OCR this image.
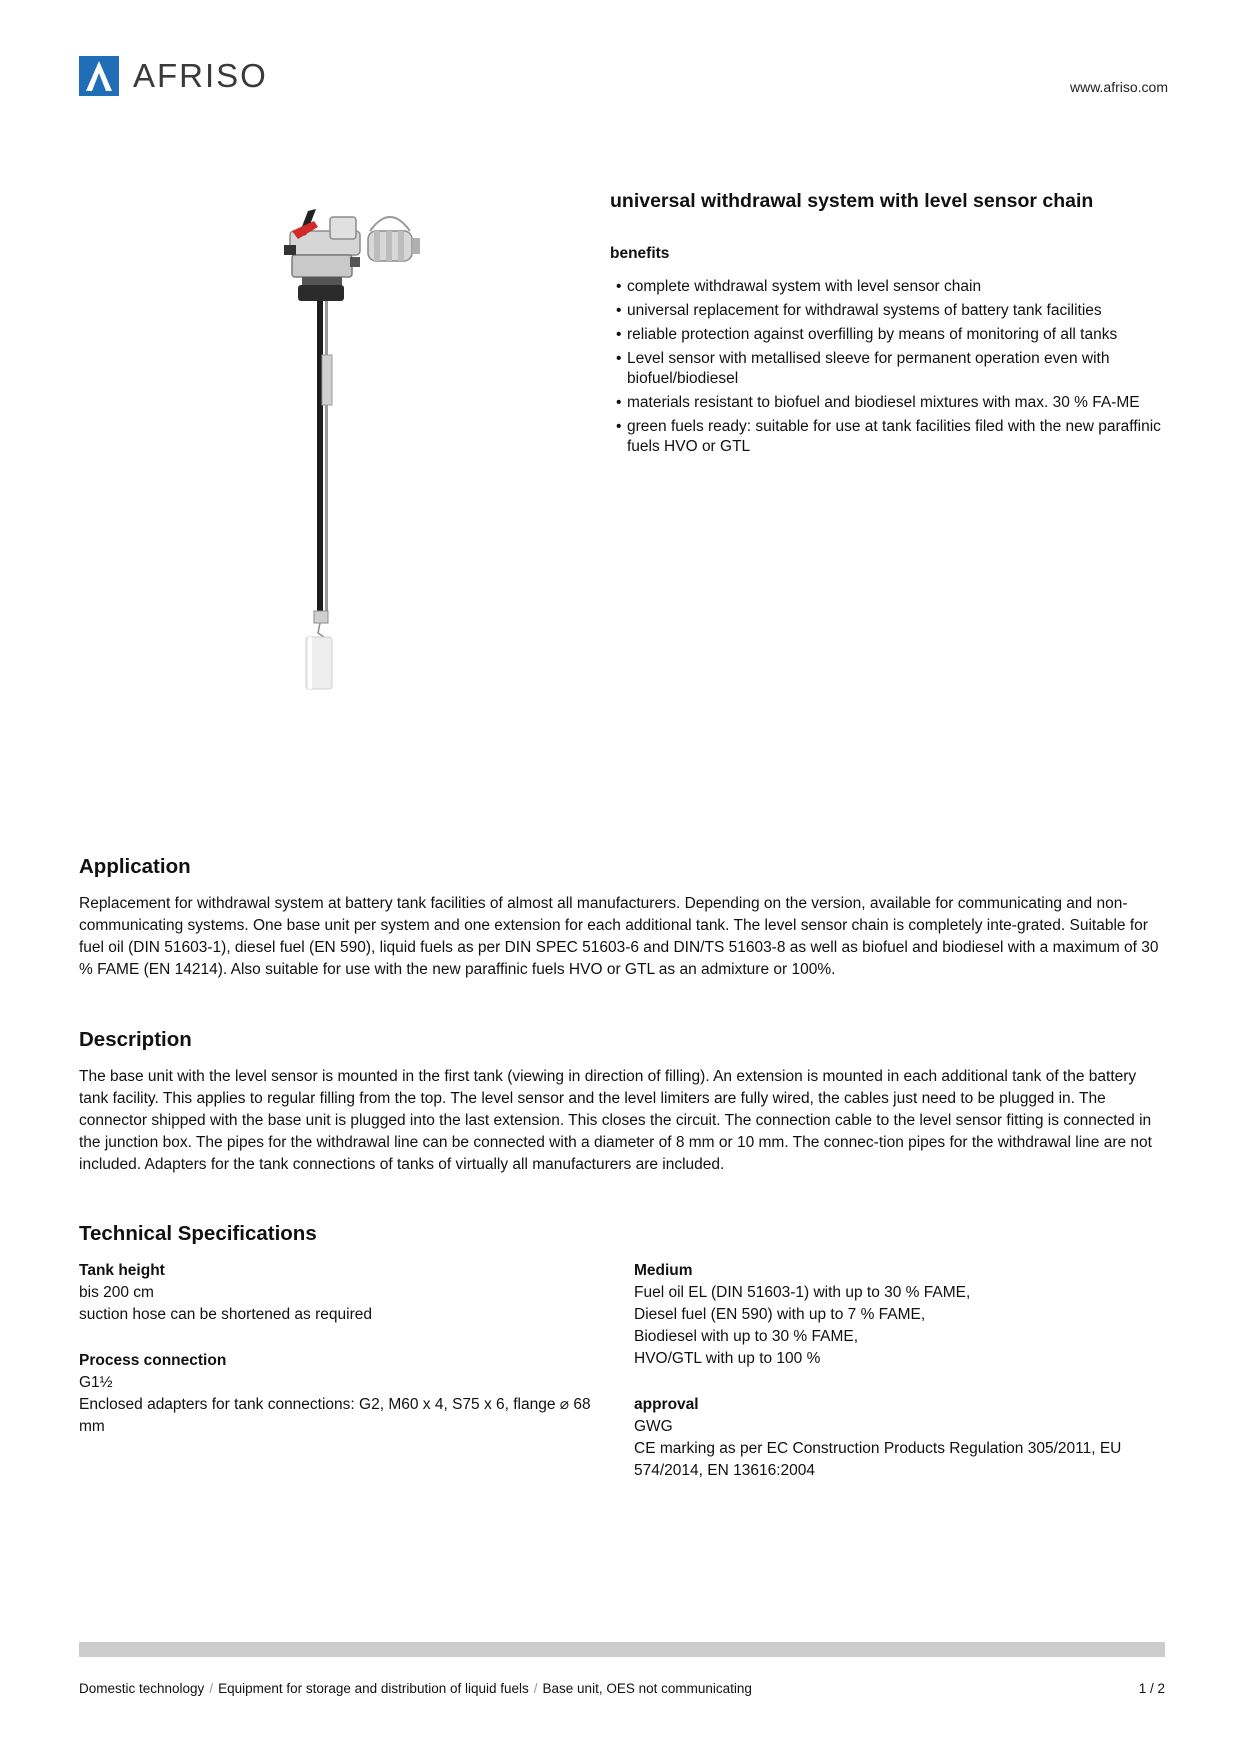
AFRISO	www.afriso.com
universal withdrawal system with level sensor chain
benefits
• complete withdrawal system with level sensor chain
• universal replacement for withdrawal systems of battery tank facilities
• reliable protection against overfilling by means of monitoring of all tanks
• Level sensor with metallised sleeve for permanent operation even with biofuel/biodiesel
• materials resistant to biofuel and biodiesel mixtures with max. 30 % FA-ME
• green fuels ready: suitable for use at tank facilities filed with the new paraffinic fuels HVO or GTL
Application
Replacement for withdrawal system at battery tank facilities of almost all manufacturers. Depending on the version, available for communicating and non-communicating systems. One base unit per system and one extension for each additional tank. The level sensor chain is completely inte-grated. Suitable for fuel oil (DIN 51603-1), diesel fuel (EN 590), liquid fuels as per DIN SPEC 51603-6 and DIN/TS 51603-8 as well as biofuel and biodiesel with a maximum of 30 % FAME (EN 14214). Also suitable for use with the new paraffinic fuels HVO or GTL as an admixture or 100%.
Description
The base unit with the level sensor is mounted in the first tank (viewing in direction of filling). An extension is mounted in each additional tank of the battery tank facility. This applies to regular filling from the top. The level sensor and the level limiters are fully wired, the cables just need to be plugged in. The connector shipped with the base unit is plugged into the last extension. This closes the circuit. The connection cable to the level sensor fitting is connected in the junction box. The pipes for the withdrawal line can be connected with a diameter of 8 mm or 10 mm. The connec-tion pipes for the withdrawal line are not included. Adapters for the tank connections of tanks of virtually all manufacturers are included.
Technical Specifications
Tank height
bis 200 cm
suction hose can be shortened as required
Process connection
G1½
Enclosed adapters for tank connections: G2, M60 x 4, S75 x 6, flange ⌀ 68 mm
Medium
Fuel oil EL (DIN 51603-1) with up to 30 % FAME,
Diesel fuel (EN 590) with up to 7 % FAME,
Biodiesel with up to 30 % FAME,
HVO/GTL with up to 100 %
approval
GWG
CE marking as per EC Construction Products Regulation 305/2011, EU 574/2014, EN 13616:2004
Domestic technology / Equipment for storage and distribution of liquid fuels / Base unit, OES not communicating	1 / 2
